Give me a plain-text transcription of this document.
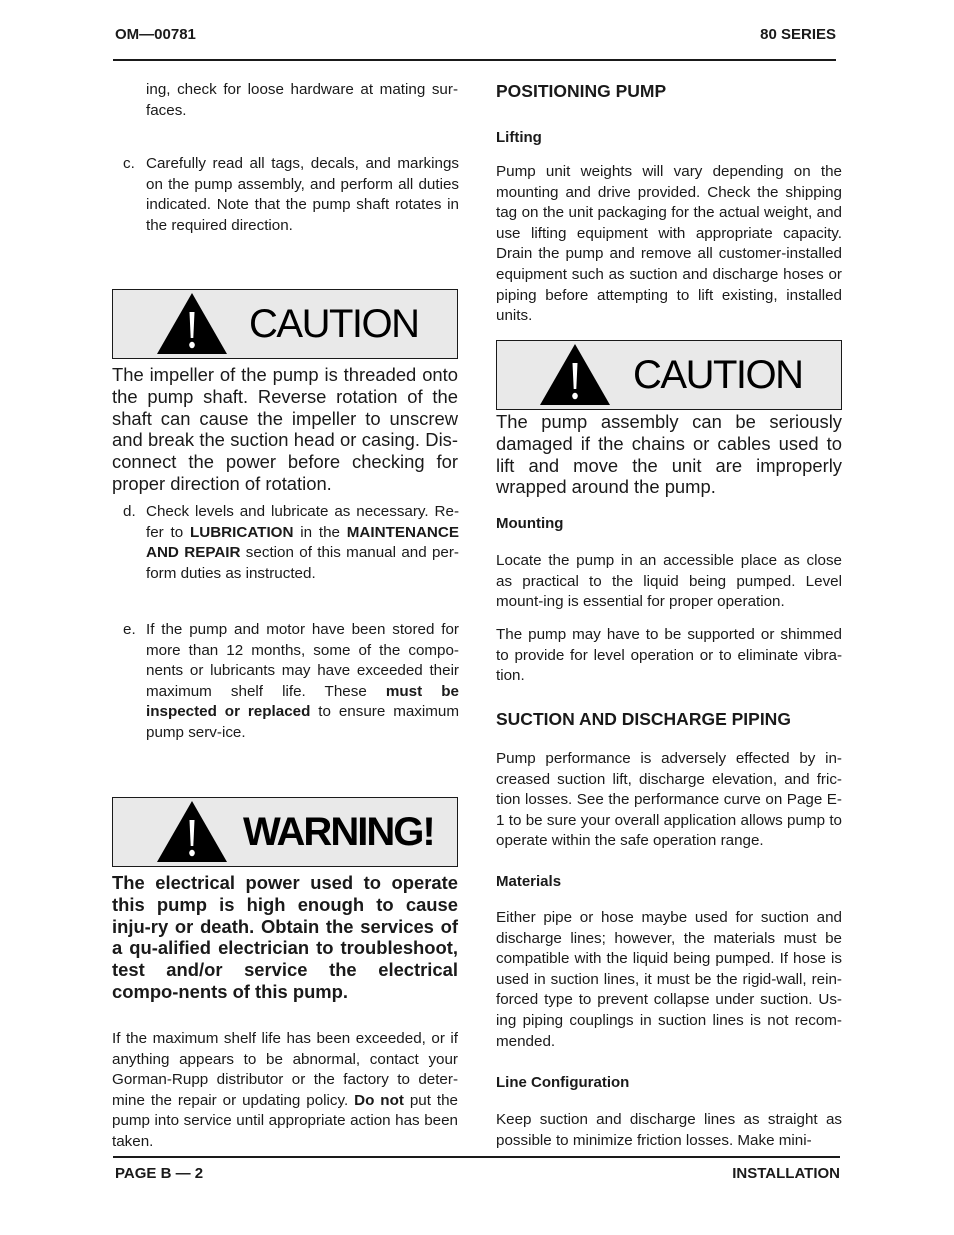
OM—00781	80 SERIES
ing, check for loose hardware at mating sur-faces.
c. Carefully read all tags, decals, and markings on the pump assembly, and perform all duties indicated. Note that the pump shaft rotates in the required direction.
CAUTION
The impeller of the pump is threaded onto the pump shaft. Reverse rotation of the shaft can cause the impeller to unscrew and break the suction head or casing. Dis-connect the power before checking for proper direction of rotation.
d. Check levels and lubricate as necessary. Re-fer to LUBRICATION in the MAINTENANCE AND REPAIR section of this manual and per-form duties as instructed.
e. If the pump and motor have been stored for more than 12 months, some of the compo-nents or lubricants may have exceeded their maximum shelf life. These must be inspected or replaced to ensure maximum pump serv-ice.
WARNING!
The electrical power used to operate this pump is high enough to cause inju-ry or death. Obtain the services of a qu-alified electrician to troubleshoot, test and/or service the electrical compo-nents of this pump.
If the maximum shelf life has been exceeded, or if anything appears to be abnormal, contact your Gorman-Rupp distributor or the factory to deter-mine the repair or updating policy. Do not put the pump into service until appropriate action has been taken.
POSITIONING PUMP
Lifting
Pump unit weights will vary depending on the mounting and drive provided. Check the shipping tag on the unit packaging for the actual weight, and use lifting equipment with appropriate capacity. Drain the pump and remove all customer-installed equipment such as suction and discharge hoses or piping before attempting to lift existing, installed units.
CAUTION
The pump assembly can be seriously damaged if the chains or cables used to lift and move the unit are improperly wrapped around the pump.
Mounting
Locate the pump in an accessible place as close as practical to the liquid being pumped. Level mount-ing is essential for proper operation.
The pump may have to be supported or shimmed to provide for level operation or to eliminate vibra-tion.
SUCTION AND DISCHARGE PIPING
Pump performance is adversely effected by in-creased suction lift, discharge elevation, and fric-tion losses. See the performance curve on Page E-1 to be sure your overall application allows pump to operate within the safe operation range.
Materials
Either pipe or hose maybe used for suction and discharge lines; however, the materials must be compatible with the liquid being pumped. If hose is used in suction lines, it must be the rigid-wall, rein-forced type to prevent collapse under suction. Us-ing piping couplings in suction lines is not recom-mended.
Line Configuration
Keep suction and discharge lines as straight as possible to minimize friction losses. Make mini-
PAGE B — 2	INSTALLATION
